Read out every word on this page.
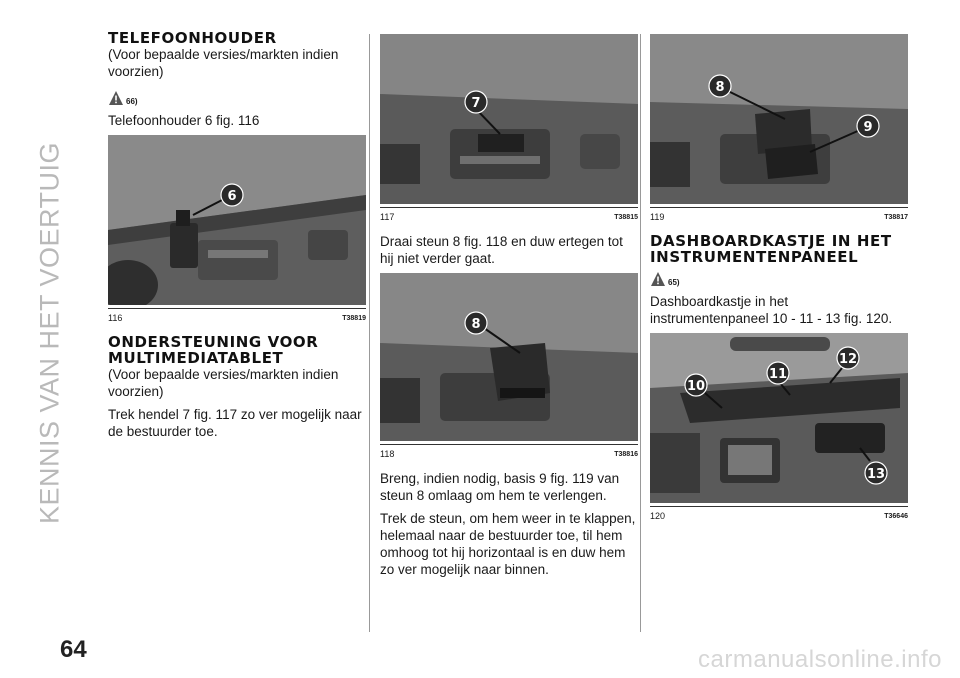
KENNIS VAN HET VOERTUIG
TELEFOONHOUDER

(Voor bepaalde versies/markten indien voorzien)

66)

Telefoonhouder 6 fig. 116

6
116	T38819
ONDERSTEUNING VOOR MULTIMEDIATABLET

(Voor bepaalde versies/markten indien voorzien)

Trek hendel 7 fig. 117 zo ver mogelijk naar de bestuurder toe.

7
117	T38815

Draai steun 8 fig. 118 en duw ertegen tot hij niet verder gaat.

8
118	T38816

Breng, indien nodig, basis 9 fig. 119 van steun 8 omlaag om hem te verlengen.

Trek de steun, om hem weer in te klappen, helemaal naar de bestuurder toe, til hem omhoog tot hij horizontaal is en duw hem zo ver mogelijk naar binnen.

8
9
119	T38817
DASHBOARDKASTJE IN HET INSTRUMENTENPANEEL
65)

Dashboardkastje in het instrumentenpaneel 10 - 11 - 13 fig. 120.

10
11
12
13
120	T36646
64	carmanualsonline.info
